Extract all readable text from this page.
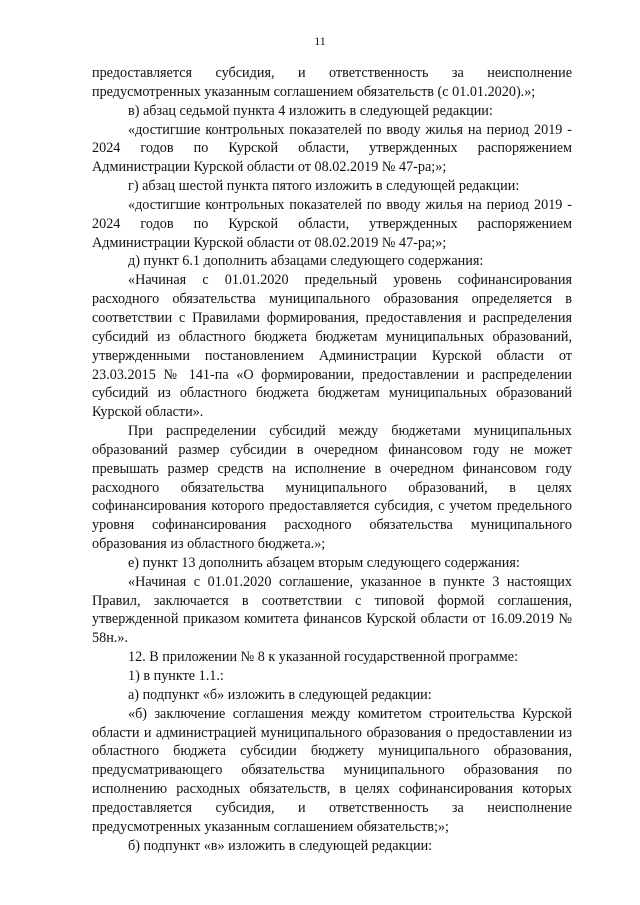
11

предоставляется субсидия, и ответственность за неисполнение предусмотренных указанным соглашением обязательств (с 01.01.2020).»;

в) абзац седьмой пункта 4 изложить в следующей редакции:

«достигшие контрольных показателей по вводу жилья на период 2019 - 2024 годов по Курской области, утвержденных распоряжением Администрации Курской области от 08.02.2019 № 47-ра;»;

г) абзац шестой пункта пятого изложить в следующей редакции:

«достигшие контрольных показателей по вводу жилья на период 2019 - 2024 годов по Курской области, утвержденных распоряжением Администрации Курской области от 08.02.2019 № 47-ра;»;

д) пункт 6.1 дополнить абзацами следующего содержания:

«Начиная с 01.01.2020 предельный уровень софинансирования расходного обязательства муниципального образования определяется в соответствии с Правилами формирования, предоставления и распределения субсидий из областного бюджета бюджетам муниципальных образований, утвержденными постановлением Администрации Курской области от 23.03.2015 № 141-па «О формировании, предоставлении и распределении субсидий из областного бюджета бюджетам муниципальных образований Курской области».

При распределении субсидий между бюджетами муниципальных образований размер субсидии в очередном финансовом году не может превышать размер средств на исполнение в очередном финансовом году расходного обязательства муниципального образований, в целях софинансирования которого предоставляется субсидия, с учетом предельного уровня софинансирования расходного обязательства муниципального образования из областного бюджета.»;

е) пункт 13 дополнить абзацем вторым следующего содержания:

«Начиная с 01.01.2020 соглашение, указанное в пункте 3 настоящих Правил, заключается в соответствии с типовой формой соглашения, утвержденной приказом комитета финансов Курской области от 16.09.2019 № 58н.».

12. В приложении № 8 к указанной государственной программе:

1) в пункте 1.1.:

а) подпункт «б» изложить в следующей редакции:

«б) заключение соглашения между комитетом строительства Курской области и администрацией муниципального образования о предоставлении из областного бюджета субсидии бюджету муниципального образования, предусматривающего обязательства муниципального образования по исполнению расходных обязательств, в целях софинансирования которых предоставляется субсидия, и ответственность за неисполнение предусмотренных указанным соглашением обязательств;»;

б) подпункт «в» изложить в следующей редакции:
